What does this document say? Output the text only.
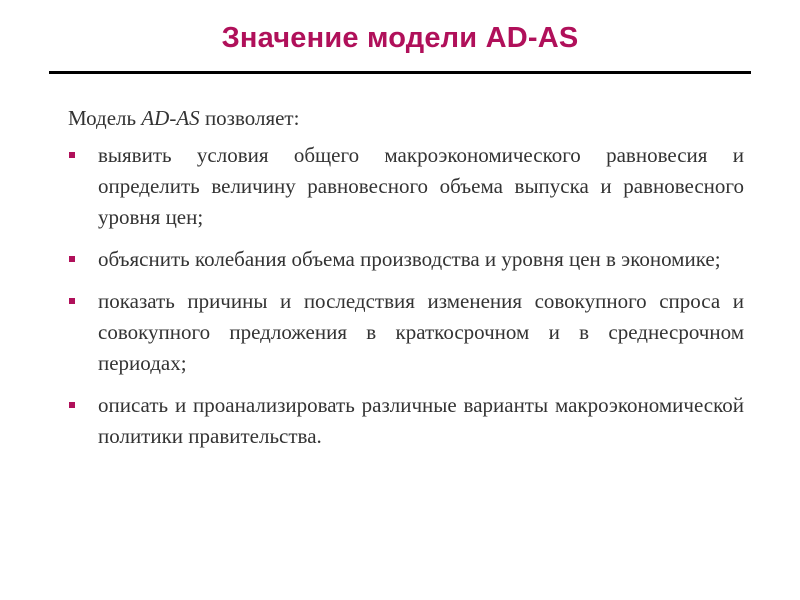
Значение модели AD-AS

Модель AD-AS позволяет:

выявить условия общего макроэкономического равновесия и определить величину равновесного объема выпуска и равновесного уровня цен;
объяснить колебания объема производства и уровня цен в экономике;
показать причины и последствия изменения совокупного спроса и совокупного предложения в краткосрочном и в среднесрочном периодах;
описать и проанализировать различные варианты макроэкономической политики правительства.
